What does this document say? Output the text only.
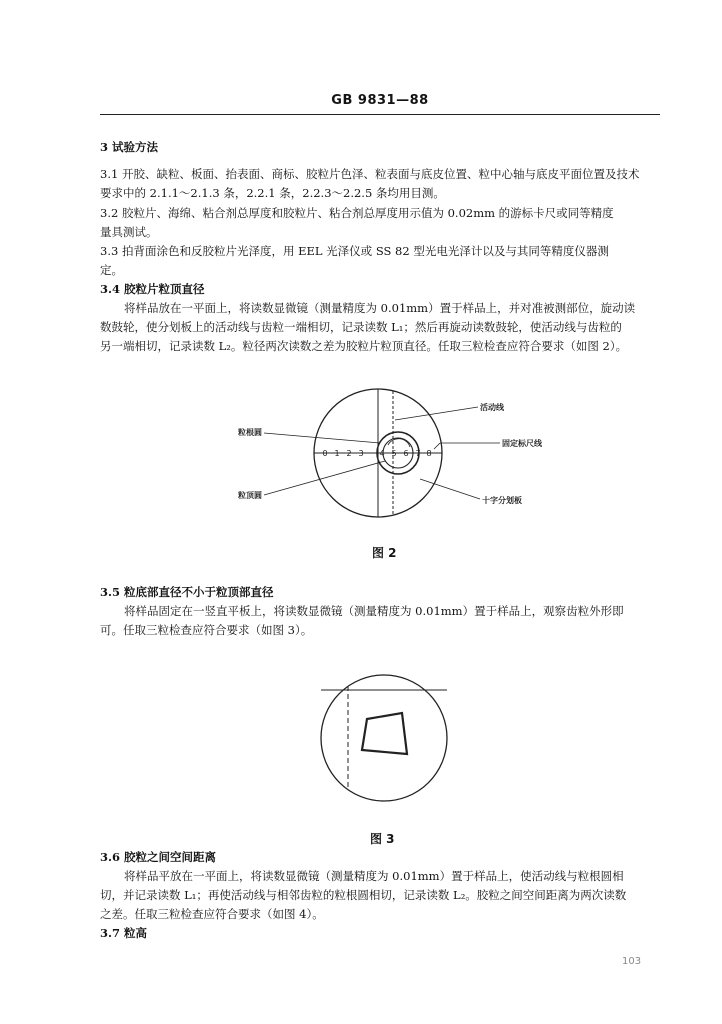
GB 9831—88
3 试验方法
3.1 开胶、缺粒、板面、抬表面、商标、胶粒片色泽、粒表面与底皮位置、粒中心轴与底皮平面位置及技术
要求中的 2.1.1～2.1.3 条，2.2.1 条，2.2.3～2.2.5 条均用目测。
3.2 胶粒片、海绵、粘合剂总厚度和胶粒片、粘合剂总厚度用示值为 0.02mm 的游标卡尺或同等精度
量具测试。
3.3 拍背面涂色和反胶粒片光泽度，用 EEL 光泽仪或 SS 82 型光电光泽计以及与其同等精度仪器测
定。
3.4 胶粒片粒顶直径
将样品放在一平面上，将读数显微镜（测量精度为 0.01mm）置于样品上，并对准被测部位，旋动读
数鼓轮，使分划板上的活动线与齿粒一端相切，记录读数 L₁；然后再旋动读数鼓轮，使活动线与齿粒的
另一端相切，记录读数 L₂。粒径两次读数之差为胶粒片粒顶直径。任取三粒检查应符合要求（如图 2）。
0 1 2 3 4 5 6 7 8
粒根圆
粒顶圆
活动线
固定标尺线
十字分划板
图 2
3.5 粒底部直径不小于粒顶部直径
将样品固定在一竖直平板上，将读数显微镜（测量精度为 0.01mm）置于样品上，观察齿粒外形即
可。任取三粒检查应符合要求（如图 3）。
图 3
3.6 胶粒之间空间距离
将样品平放在一平面上，将读数显微镜（测量精度为 0.01mm）置于样品上，使活动线与粒根圆相
切，并记录读数 L₁；再使活动线与相邻齿粒的粒根圆相切，记录读数 L₂。胶粒之间空间距离为两次读数
之差。任取三粒检查应符合要求（如图 4）。
3.7 粒高
103
